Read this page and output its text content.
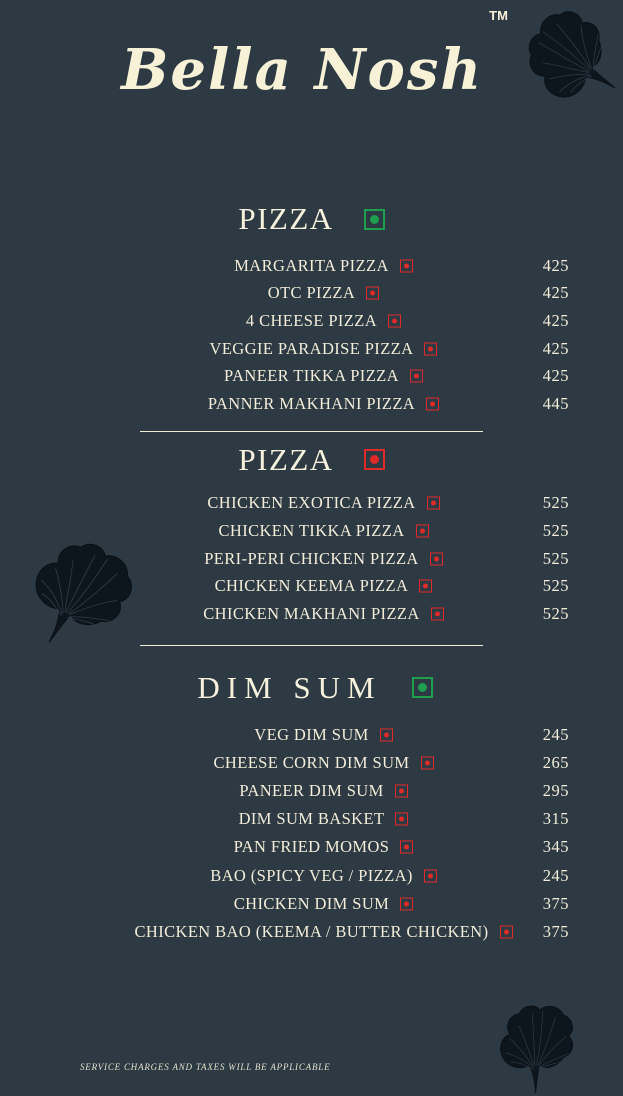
Bella Nosh™
PIZZA
MARGARITA PIZZA	425
OTC PIZZA	425
4 CHEESE PIZZA	425
VEGGIE PARADISE PIZZA	425
PANEER TIKKA PIZZA	425
PANNER MAKHANI PIZZA	445
PIZZA
CHICKEN EXOTICA PIZZA	525
CHICKEN TIKKA PIZZA	525
PERI-PERI CHICKEN PIZZA	525
CHICKEN KEEMA PIZZA	525
CHICKEN MAKHANI PIZZA	525
DIM SUM
VEG DIM SUM	245
CHEESE CORN DIM SUM	265
PANEER DIM SUM	295
DIM SUM BASKET	315
PAN FRIED MOMOS	345
BAO (SPICY VEG / PIZZA)	245
CHICKEN DIM SUM	375
CHICKEN BAO (KEEMA / BUTTER CHICKEN)	375
SERVICE CHARGES AND TAXES WILL BE APPLICABLE
